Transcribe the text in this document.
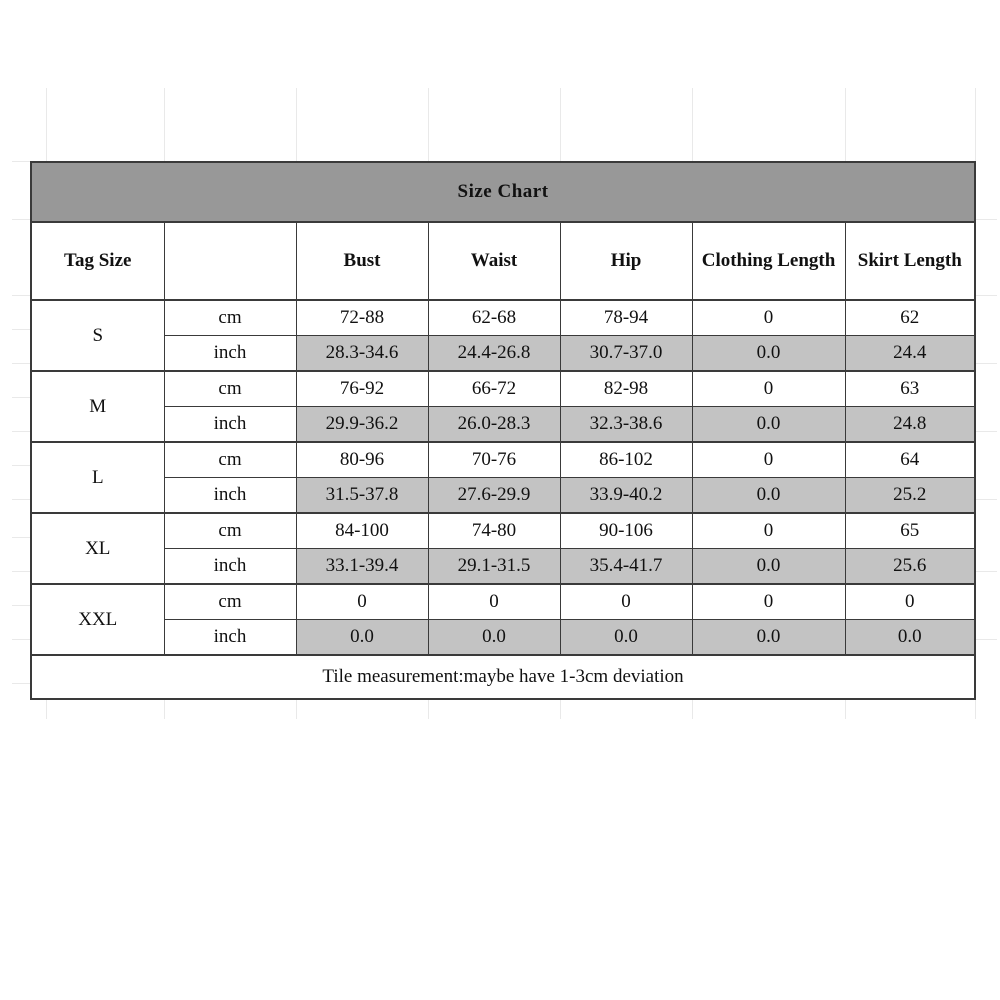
Size Chart						
Tag Size		Bust	Waist	Hip	Clothing Length	Skirt Length
S	cm	72-88	62-68	78-94	0	62
	inch	28.3-34.6	24.4-26.8	30.7-37.0	0.0	24.4
M	cm	76-92	66-72	82-98	0	63
	inch	29.9-36.2	26.0-28.3	32.3-38.6	0.0	24.8
L	cm	80-96	70-76	86-102	0	64
	inch	31.5-37.8	27.6-29.9	33.9-40.2	0.0	25.2
XL	cm	84-100	74-80	90-106	0	65
	inch	33.1-39.4	29.1-31.5	35.4-41.7	0.0	25.6
XXL	cm	0	0	0	0	0
	inch	0.0	0.0	0.0	0.0	0.0
Tile measurement:maybe have 1-3cm deviation						
